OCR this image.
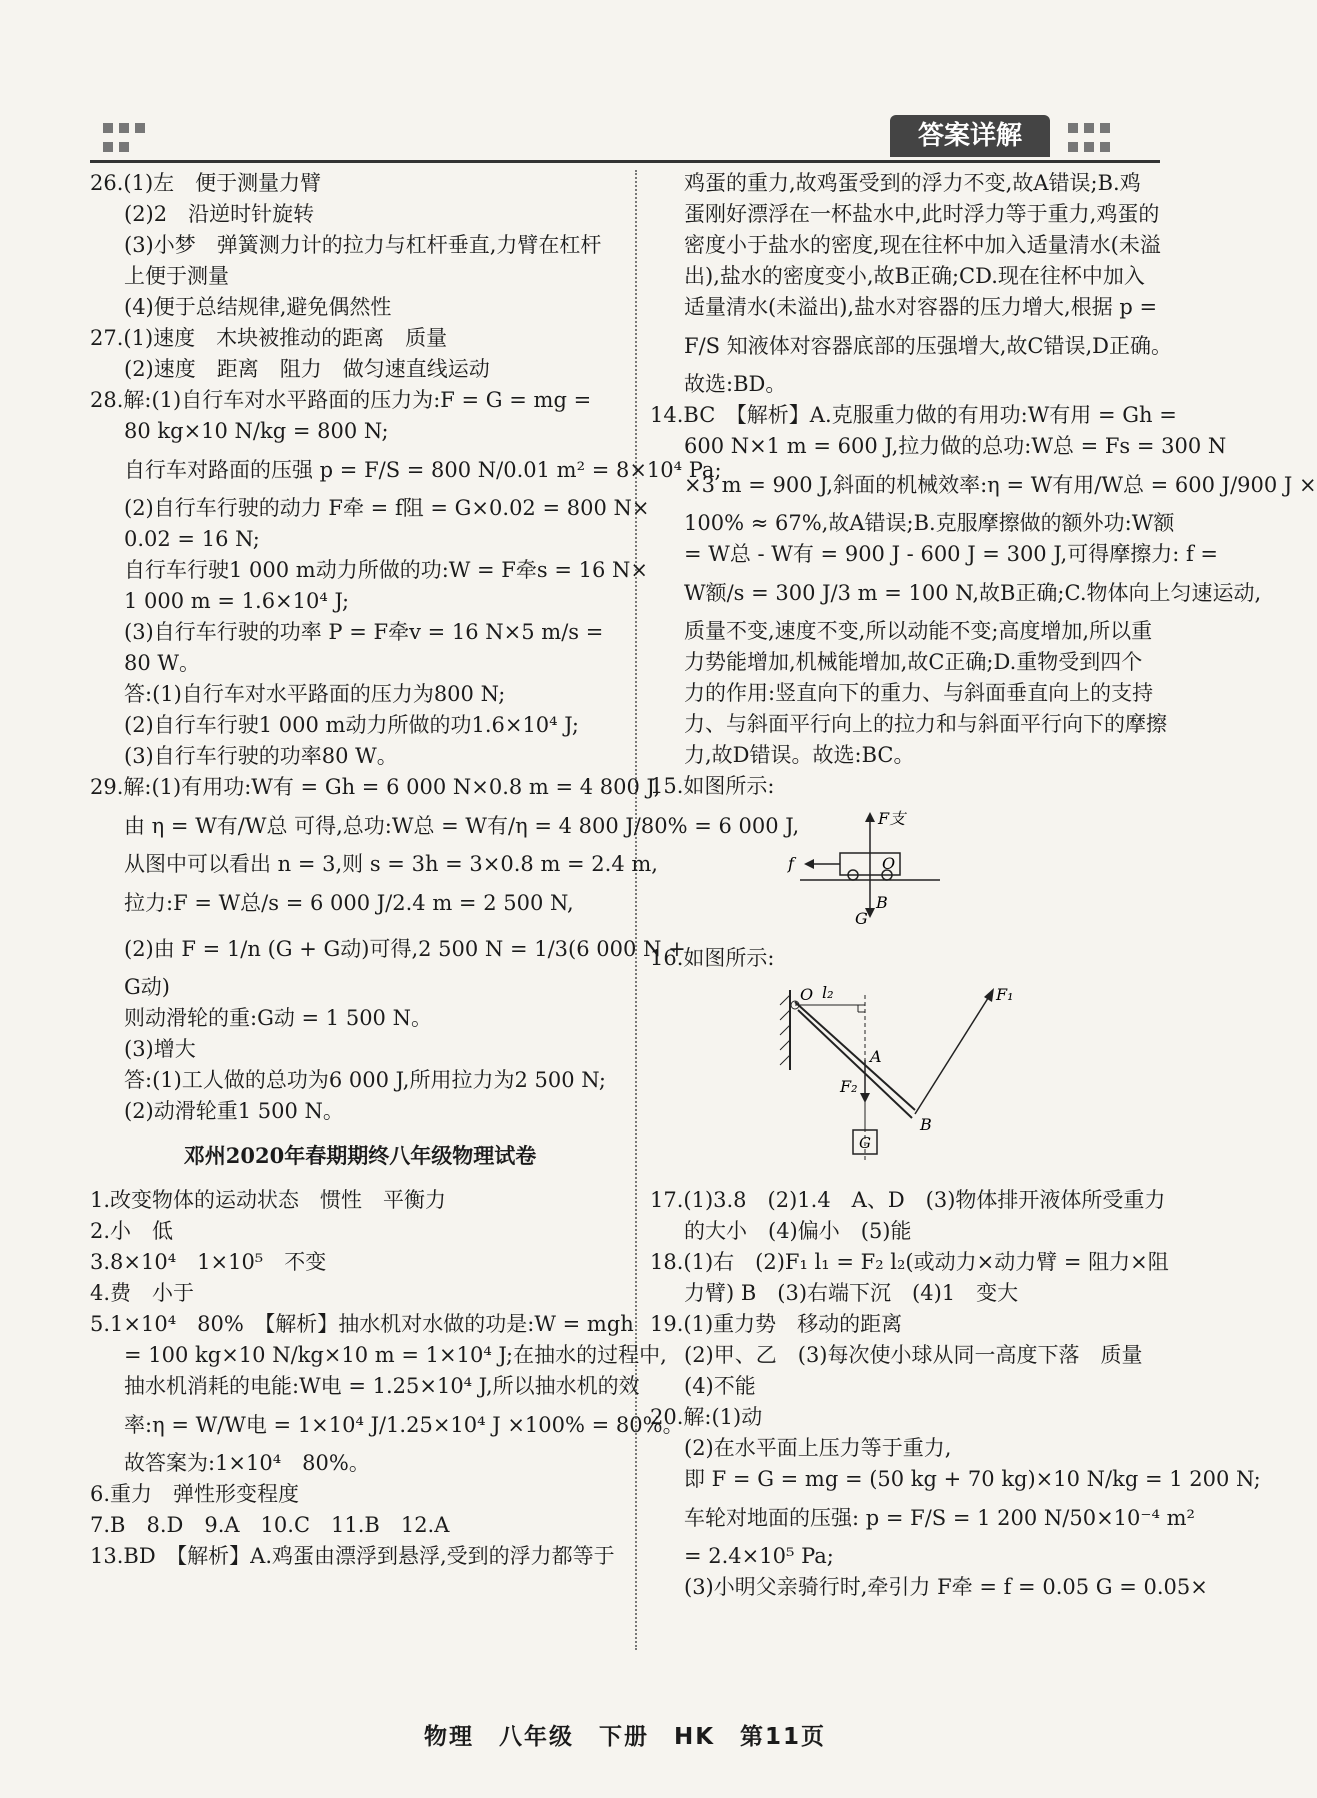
答案详解

26.(1)左　便于测量力臂
(2)2　沿逆时针旋转
(3)小梦　弹簧测力计的拉力与杠杆垂直,力臂在杠杆
上便于测量
(4)便于总结规律,避免偶然性
27.(1)速度　木块被推动的距离　质量
(2)速度　距离　阻力　做匀速直线运动
28.解:(1)自行车对水平路面的压力为:F = G = mg =
80 kg×10 N/kg = 800 N;
自行车对路面的压强 p = F/S = 800 N/0.01 m² = 8×10⁴ Pa;
(2)自行车行驶的动力 F牵 = f阻 = G×0.02 = 800 N×
0.02 = 16 N;
自行车行驶1 000 m动力所做的功:W = F牵s = 16 N×
1 000 m = 1.6×10⁴ J;
(3)自行车行驶的功率 P = F牵v = 16 N×5 m/s =
80 W。
答:(1)自行车对水平路面的压力为800 N;
(2)自行车行驶1 000 m动力所做的功1.6×10⁴ J;
(3)自行车行驶的功率80 W。
29.解:(1)有用功:W有 = Gh = 6 000 N×0.8 m = 4 800 J,
由 η = W有/W总 可得,总功:W总 = W有/η = 4 800 J/80% = 6 000 J,
从图中可以看出 n = 3,则 s = 3h = 3×0.8 m = 2.4 m,
拉力:F = W总/s = 6 000 J/2.4 m = 2 500 N,
(2)由 F = 1/n (G + G动)可得,2 500 N = 1/3(6 000 N +
G动)
则动滑轮的重:G动 = 1 500 N。
(3)增大
答:(1)工人做的总功为6 000 J,所用拉力为2 500 N;
(2)动滑轮重1 500 N。
邓州2020年春期期终八年级物理试卷
1.改变物体的运动状态　惯性　平衡力
2.小　低
3.8×10⁴　1×10⁵　不变
4.费　小于
5.1×10⁴　80%　【解析】抽水机对水做的功是:W = mgh
= 100 kg×10 N/kg×10 m = 1×10⁴ J;在抽水的过程中,
抽水机消耗的电能:W电 = 1.25×10⁴ J,所以抽水机的效
率:η = W/W电 = 1×10⁴ J/1.25×10⁴ J ×100% = 80%。
故答案为:1×10⁴　80%。
6.重力　弹性形变程度
7.B　8.D　9.A　10.C　11.B　12.A
13.BD　【解析】A.鸡蛋由漂浮到悬浮,受到的浮力都等于
鸡蛋的重力,故鸡蛋受到的浮力不变,故A错误;B.鸡
蛋刚好漂浮在一杯盐水中,此时浮力等于重力,鸡蛋的
密度小于盐水的密度,现在往杯中加入适量清水(未溢
出),盐水的密度变小,故B正确;CD.现在往杯中加入
适量清水(未溢出),盐水对容器的压力增大,根据 p =
F/S 知液体对容器底部的压强增大,故C错误,D正确。
故选:BD。
14.BC　【解析】A.克服重力做的有用功:W有用 = Gh =
600 N×1 m = 600 J,拉力做的总功:W总 = Fs = 300 N
×3 m = 900 J,斜面的机械效率:η = W有用/W总 = 600 J/900 J ×
100% ≈ 67%,故A错误;B.克服摩擦做的额外功:W额
= W总 - W有 = 900 J - 600 J = 300 J,可得摩擦力: f =
W额/s = 300 J/3 m = 100 N,故B正确;C.物体向上匀速运动,
质量不变,速度不变,所以动能不变;高度增加,所以重
力势能增加,机械能增加,故C正确;D.重物受到四个
力的作用:竖直向下的重力、与斜面垂直向上的支持
力、与斜面平行向上的拉力和与斜面平行向下的摩擦
力,故D错误。故选:BC。
15.如图所示:
F支
f	O
G
B
16.如图所示:
O l₂	F₁
A
F₂
B
G
17.(1)3.8　(2)1.4　A、D　(3)物体排开液体所受重力
的大小　(4)偏小　(5)能
18.(1)右　(2)F₁ l₁ = F₂ l₂(或动力×动力臂 = 阻力×阻
力臂) B　(3)右端下沉　(4)1　变大
19.(1)重力势　移动的距离
(2)甲、乙　(3)每次使小球从同一高度下落　质量
(4)不能
20.解:(1)动
(2)在水平面上压力等于重力,
即 F = G = mg = (50 kg + 70 kg)×10 N/kg = 1 200 N;
车轮对地面的压强: p = F/S = 1 200 N/50×10⁻⁴ m²
= 2.4×10⁵ Pa;
(3)小明父亲骑行时,牵引力 F牵 = f = 0.05 G = 0.05×
物理　八年级　下册　HK　第11页
